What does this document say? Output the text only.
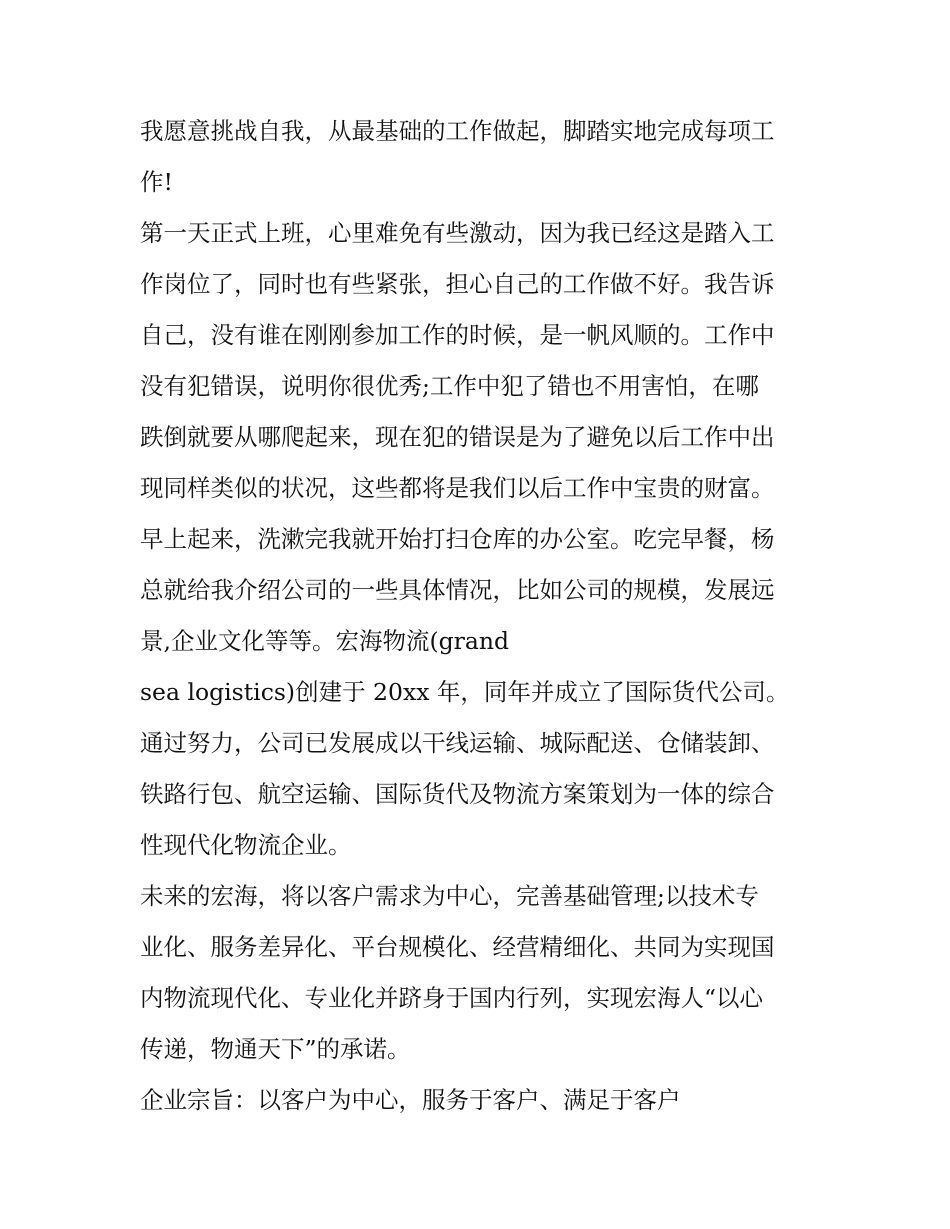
我愿意挑战自我，从最基础的工作做起，脚踏实地完成每项工
作!

第一天正式上班，心里难免有些激动，因为我已经这是踏入工
作岗位了，同时也有些紧张，担心自己的工作做不好。我告诉
自己，没有谁在刚刚参加工作的时候，是一帆风顺的。工作中
没有犯错误，说明你很优秀;工作中犯了错也不用害怕，在哪
跌倒就要从哪爬起来，现在犯的错误是为了避免以后工作中出
现同样类似的状况，这些都将是我们以后工作中宝贵的财富。

早上起来，洗漱完我就开始打扫仓库的办公室。吃完早餐，杨
总就给我介绍公司的一些具体情况，比如公司的规模，发展远
景,企业文化等等。宏海物流(grand

sea logistics)创建于 20xx 年，同年并成立了国际货代公司。

通过努力，公司已发展成以干线运输、城际配送、仓储装卸、
铁路行包、航空运输、国际货代及物流方案策划为一体的综合
性现代化物流企业。

未来的宏海，将以客户需求为中心，完善基础管理;以技术专
业化、服务差异化、平台规模化、经营精细化、共同为实现国
内物流现代化、专业化并跻身于国内行列，实现宏海人“以心
传递，物通天下”的承诺。

企业宗旨：以客户为中心，服务于客户、满足于客户
